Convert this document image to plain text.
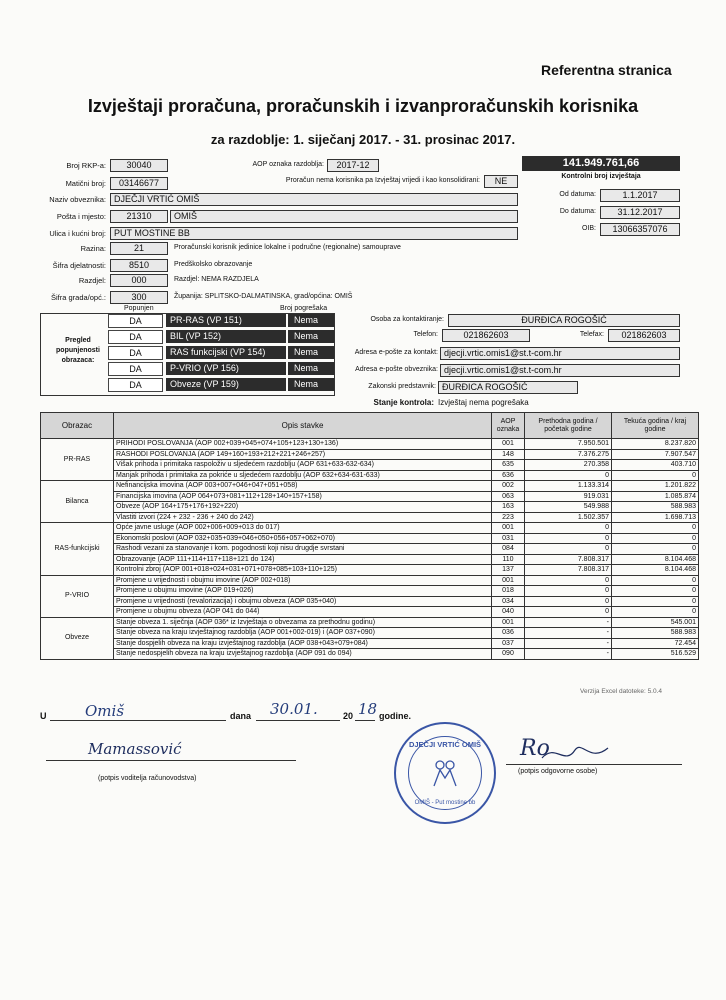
Referentna stranica
Izvještaji proračuna, proračunskih i izvanproračunskih korisnika
za razdoblje: 1. siječanj 2017. - 31. prosinac 2017.
Broj RKP-a:	30040
Matični broj:	03146677
Naziv obveznika: DJEČJI VRTIĆ OMIŠ
Pošta i mjesto:	21310	OMIŠ
Ulica i kućni broj: PUT MOSTINE BB
Razina:	21	Proračunski korisnik jedinice lokalne i područne (regionalne) samouprave
Šifra djelatnosti:	8510	Predškolsko obrazovanje
Razdjel:	000	Razdjel: NEMA RAZDJELA
Šifra grada/opć.:	300	Županija: SPLITSKO-DALMATINSKA, grad/općina: OMIŠ
AOP oznaka razdoblja:	2017-12
Proračun nema korisnika pa Izvještaj vrijedi i kao konsolidirani:	NE
141.949.761,66
Kontrolni broj izvještaja
Od datuma:	1.1.2017
Do datuma:	31.12.2017
OIB:	13066357076
Popunjen	Broj pogrešaka
Pregled popunjenosti obrazaca:
DA	PR-RAS (VP 151)	Nema
DA	BIL (VP 152)	Nema
DA	RAS funkcijski (VP 154)	Nema
DA	P-VRIO (VP 156)	Nema
DA	Obveze (VP 159)	Nema
Osoba za kontaktiranje:	ĐURĐICA ROGOŠIĆ
Telefon:	021862603	Telefax:	021862603
Adresa e-pošte za kontakt: djecji.vrtic.omis1@st.t-com.hr
Adresa e-pošte obveznika: djecji.vrtic.omis1@st.t-com.hr
Zakonski predstavnik: ĐURĐICA ROGOŠIĆ
Stanje kontrola: Izvještaj nema pogrešaka
Obrazac	Opis stavke	AOP oznaka	Prethodna godina / početak godine	Tekuća godina / kraj godine
PR-RAS	PRIHODI POSLOVANJA (AOP 002+039+045+074+105+123+130+136)	001	7.950.501	8.237.820
	RASHODI POSLOVANJA (AOP 149+160+193+212+221+246+257)	148	7.376.275	7.907.547
	Višak prihoda i primitaka raspoloživ u sljedećem razdoblju (AOP 631+633-632-634)	635	270.358	403.710
	Manjak prihoda i primitaka za pokriće u sljedećem razdoblju (AOP 632+634-631-633)	636	0	0
Bilanca	Nefinancijska imovina (AOP 003+007+046+047+051+058)	002	1.133.314	1.201.822
	Financijska imovina (AOP 064+073+081+112+128+140+157+158)	063	919.031	1.085.874
	Obveze (AOP 164+175+176+192+220)	163	549.988	588.983
	Vlastiti izvori (224 + 232 - 236 + 240 do 242)	223	1.502.357	1.698.713
RAS-funkcijski	Opće javne usluge (AOP 002+006+009+013 do 017)	001	0	0
	Ekonomski poslovi (AOP 032+035+039+046+050+056+057+062+070)	031	0	0
	Rashodi vezani za stanovanje i kom. pogodnosti koji nisu drugdje svrstani	084	0	0
	Obrazovanje (AOP 111+114+117+118+121 do 124)	110	7.808.317	8.104.468
	Kontrolni zbroj (AOP 001+018+024+031+071+078+085+103+110+125)	137	7.808.317	8.104.468
P-VRIO	Promjene u vrijednosti i obujmu imovine (AOP 002+018)	001	0	0
	Promjene u obujmu imovine (AOP 019+026)	018	0	0
	Promjene u vrijednosti (revalorizacija) i obujmu obveza (AOP 035+040)	034	0	0
	Promjene u obujmu obveza (AOP 041 do 044)	040	0	0
Obveze	Stanje obveza 1. siječnja (AOP 036* iz Izvještaja o obvezama za prethodnu godinu)	001	-	545.001
	Stanje obveza na kraju izvještajnog razdoblja (AOP 001+002-019) i (AOP 037+090)	036	-	588.983
	Stanje dospjelih obveza na kraju izvještajnog razdoblja (AOP 038+043+079+084)	037	-	72.454
	Stanje nedospjelih obveza na kraju izvještajnog razdoblja (AOP 091 do 094)	090	-	516.529
Verzija Excel datoteke: 5.0.4
U	Omiš	dana 30.01.	20 18 godine.
Mamassović
(potpis voditelja računovodstva)
DJEČJI VRTIĆ OMIŠ
OMIŠ - Put mostine bb
Ro
(potpis odgovorne osobe)
